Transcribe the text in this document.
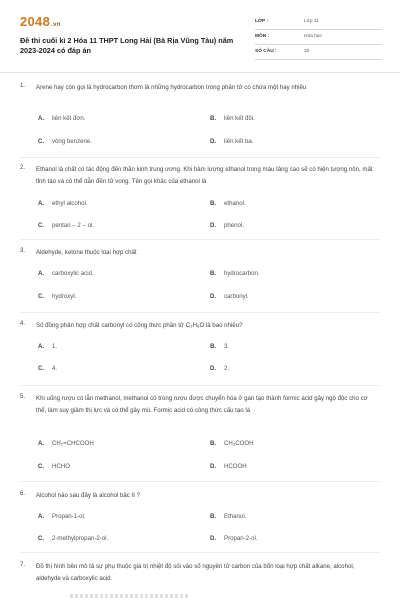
2048.vn
Đề thi cuối kì 2 Hóa 11 THPT Long Hải (Bà Rịa Vũng Tàu) năm 2023-2024 có đáp án
LỚP :	Lớp 11
MÔN :	Hóa học
SỐ CÂU :	32
1. Arene hay còn gọi là hydrocarbon thơm là những hydrocarbon trong phân tử có chứa một hay nhiều
A. liên kết đơn.	B. liên kết đôi.
C. vòng benzene.	D. liên kết ba.
2. Ethanol là chất có tác động đến thần kinh trung ương. Khi hàm lượng ethanol trong máu tăng cao sẽ có hiện tượng nôn, mất tỉnh táo và có thể dẫn đến tử vong. Tên gọi khác của ethanol là
A. ethyl alcohol.	B. ethanol.
C. pentan – 2 – ol.	D. phenol.
3. Aldehyde, ketone thuộc loại hợp chất
A. carboxylic acid.	B. hydrocarbon.
C. hydroxyl.	D. carbonyl.
4. Số đồng phân hợp chất carbonyl có công thức phân tử C₃H₆O là bao nhiêu?
A. 1.	B. 3.
C. 4.	D. 2.
5. Khi uống rượu có lẫn methanol, methanol có trong rượu được chuyển hóa ở gan tạo thành formic acid gây ngộ độc cho cơ thể, làm suy giảm thị lực và có thể gây mù. Formic acid có công thức cấu tạo là
A. CH₂=CHCOOH	B. CH₃COOH
C. HCHO	D. HCOOH
6. Alcohol nào sau đây là alcohol bậc II ?
A. Propan-1-ol.	B. Ethanol.
C. 2-methylpropan-2-ol.	D. Propan-2-ol.
7. Đồ thị hình bên mô tả sự phụ thuộc giá trị nhiệt độ sôi vào số nguyên tử carbon của bốn loại hợp chất alkane, alcohol, aldehyde và carboxylic acid.
